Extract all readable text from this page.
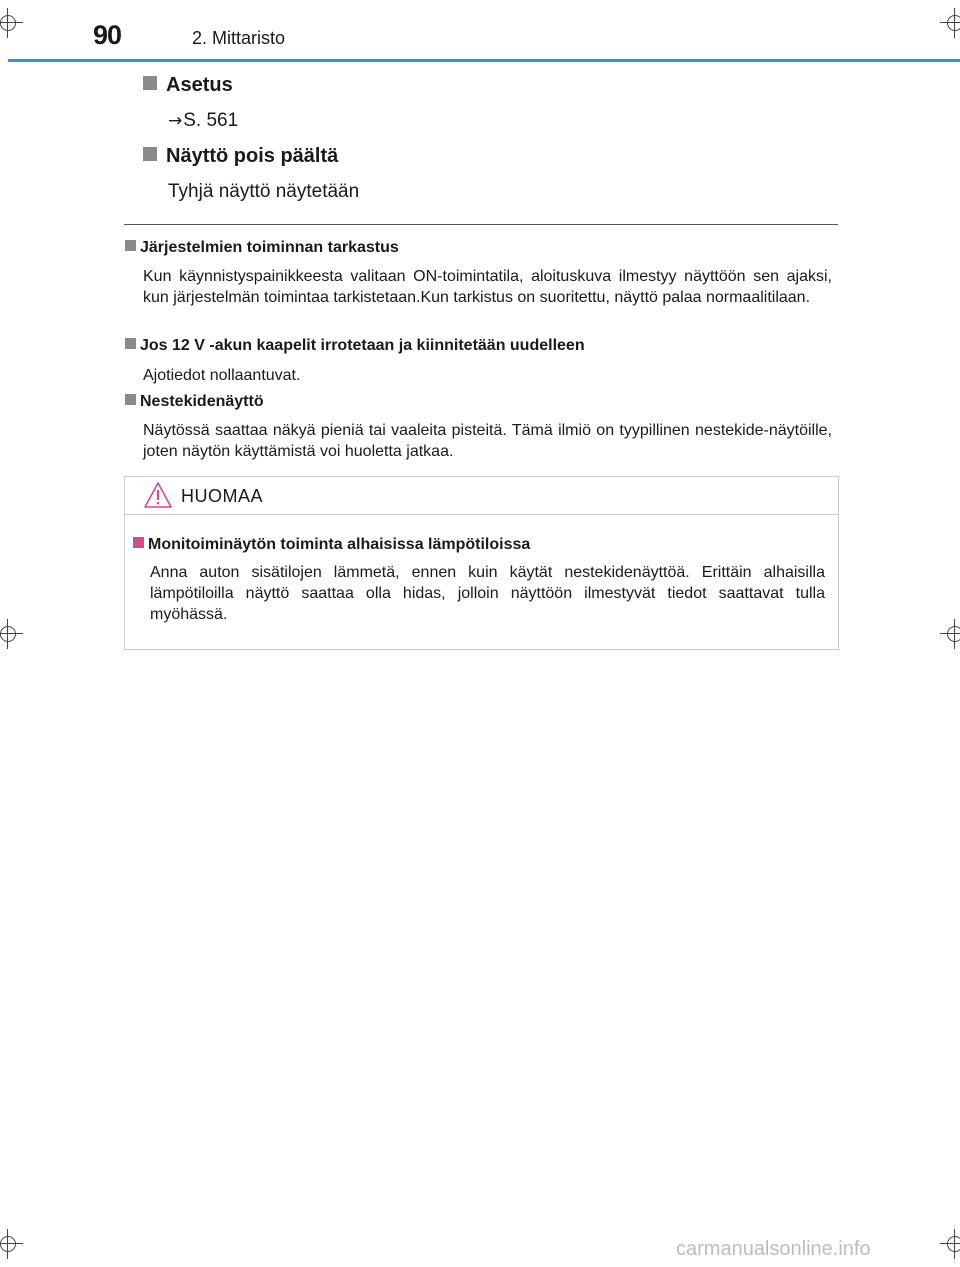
90	2. Mittaristo
Asetus
→S. 561
Näyttö pois päältä
Tyhjä näyttö näytetään
Järjestelmien toiminnan tarkastus
Kun käynnistyspainikkeesta valitaan ON-toimintatila, aloituskuva ilmestyy näyttöön sen ajaksi, kun järjestelmän toimintaa tarkistetaan.Kun tarkistus on suoritettu, näyttö palaa normaalitilaan.
Jos 12 V -akun kaapelit irrotetaan ja kiinnitetään uudelleen
Ajotiedot nollaantuvat.
Nestekidenäyttö
Näytössä saattaa näkyä pieniä tai vaaleita pisteitä. Tämä ilmiö on tyypillinen nestekide-näytöille, joten näytön käyttämistä voi huoletta jatkaa.
HUOMAA
Monitoiminäytön toiminta alhaisissa lämpötiloissa
Anna auton sisätilojen lämmetä, ennen kuin käytät nestekidenäyttöä. Erittäin alhaisilla lämpötiloilla näyttö saattaa olla hidas, jolloin näyttöön ilmestyvät tiedot saattavat tulla myöhässä.
carmanualsonline.info
